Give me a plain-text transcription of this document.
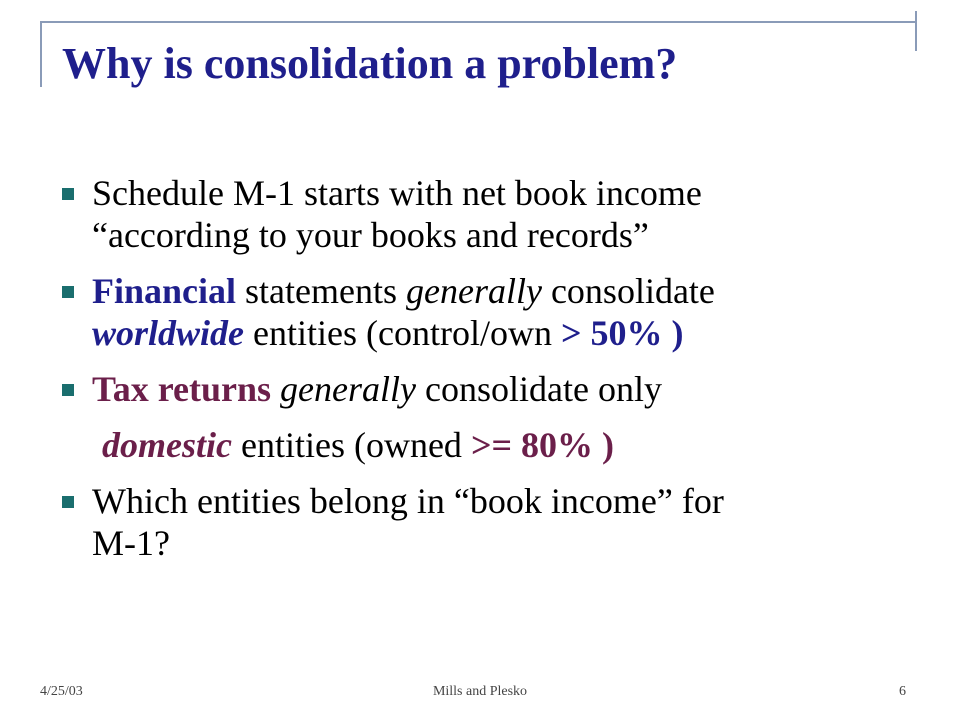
Why is consolidation a problem?
Schedule M-1 starts with net book income
“according to your books and records”
Financial statements generally consolidate
worldwide entities (control/own > 50% )
Tax returns generally consolidate only
domestic entities (owned >= 80% )
Which entities belong in “book income” for
M-1?
4/25/03	Mills and Plesko	6
